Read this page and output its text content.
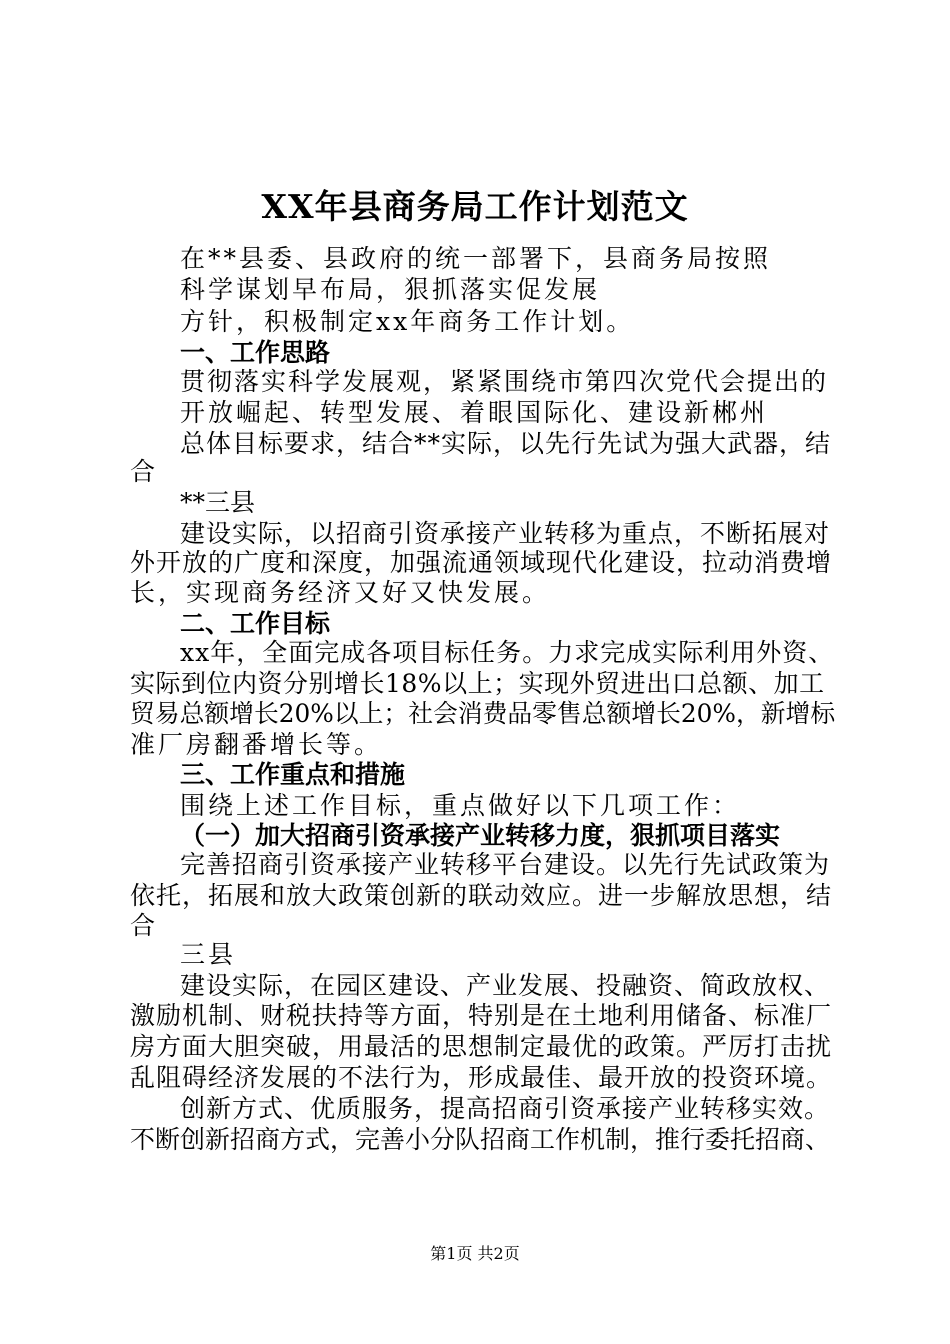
XX年县商务局工作计划范文
在**县委、县政府的统一部署下，县商务局按照
科学谋划早布局，狠抓落实促发展
方针，积极制定xx年商务工作计划。
一、工作思路
贯彻落实科学发展观，紧紧围绕市第四次党代会提出的
开放崛起、转型发展、着眼国际化、建设新郴州
总体目标要求，结合**实际，以先行先试为强大武器，结
合
**三县
建设实际，以招商引资承接产业转移为重点，不断拓展对
外开放的广度和深度，加强流通领域现代化建设，拉动消费增
长，实现商务经济又好又快发展。
二、工作目标
xx年，全面完成各项目标任务。力求完成实际利用外资、
实际到位内资分别增长18%以上；实现外贸进出口总额、加工
贸易总额增长20%以上；社会消费品零售总额增长20%，新增标
准厂房翻番增长等。
三、工作重点和措施
围绕上述工作目标，重点做好以下几项工作：
（一）加大招商引资承接产业转移力度，狠抓项目落实
完善招商引资承接产业转移平台建设。以先行先试政策为
依托，拓展和放大政策创新的联动效应。进一步解放思想，结
合
三县
建设实际，在园区建设、产业发展、投融资、简政放权、
激励机制、财税扶持等方面，特别是在土地利用储备、标准厂
房方面大胆突破，用最活的思想制定最优的政策。严厉打击扰
乱阻碍经济发展的不法行为，形成最佳、最开放的投资环境。
创新方式、优质服务，提高招商引资承接产业转移实效。
不断创新招商方式，完善小分队招商工作机制，推行委托招商、
第1页 共2页
